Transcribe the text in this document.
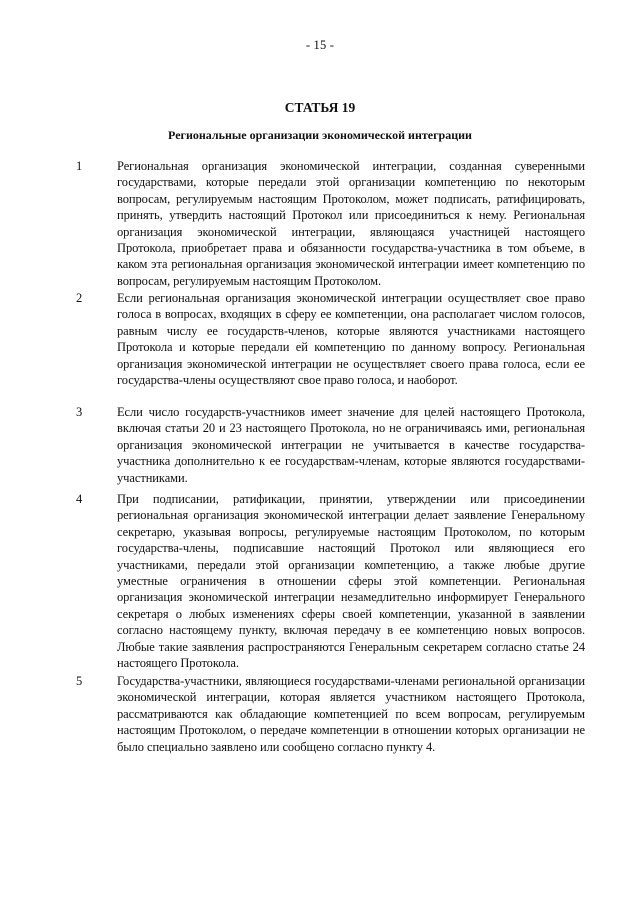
- 15 -
СТАТЬЯ 19
Региональные организации экономической интеграции
1	Региональная организация экономической интеграции, созданная суверенными государствами, которые передали этой организации компетенцию по некоторым вопросам, регулируемым настоящим Протоколом, может подписать, ратифицировать, принять, утвердить настоящий Протокол или присоединиться к нему. Региональная организация экономической интеграции, являющаяся участницей настоящего Протокола, приобретает права и обязанности государства-участника в том объеме, в каком эта региональная организация экономической интеграции имеет компетенцию по вопросам, регулируемым настоящим Протоколом.

2	Если региональная организация экономической интеграции осуществляет свое право голоса в вопросах, входящих в сферу ее компетенции, она располагает числом голосов, равным числу ее государств-членов, которые являются участниками настоящего Протокола и которые передали ей компетенцию по данному вопросу. Региональная организация экономической интеграции не осуществляет своего права голоса, если ее государства-члены осуществляют свое право голоса, и наоборот.

3	Если число государств-участников имеет значение для целей настоящего Протокола, включая статьи 20 и 23 настоящего Протокола, но не ограничиваясь ими, региональная организация экономической интеграции не учитывается в качестве государства-участника дополнительно к ее государствам-членам, которые являются государствами-участниками.

4	При подписании, ратификации, принятии, утверждении или присоединении региональная организация экономической интеграции делает заявление Генеральному секретарю, указывая вопросы, регулируемые настоящим Протоколом, по которым государства-члены, подписавшие настоящий Протокол или являющиеся его участниками, передали этой организации компетенцию, а также любые другие уместные ограничения в отношении сферы этой компетенции. Региональная организация экономической интеграции незамедлительно информирует Генерального секретаря о любых изменениях сферы своей компетенции, указанной в заявлении согласно настоящему пункту, включая передачу в ее компетенцию новых вопросов. Любые такие заявления распространяются Генеральным секретарем согласно статье 24 настоящего Протокола.

5	Государства-участники, являющиеся государствами-членами региональной организации экономической интеграции, которая является участником настоящего Протокола, рассматриваются как обладающие компетенцией по всем вопросам, регулируемым настоящим Протоколом, о передаче компетенции в отношении которых организации не было специально заявлено или сообщено согласно пункту 4.
